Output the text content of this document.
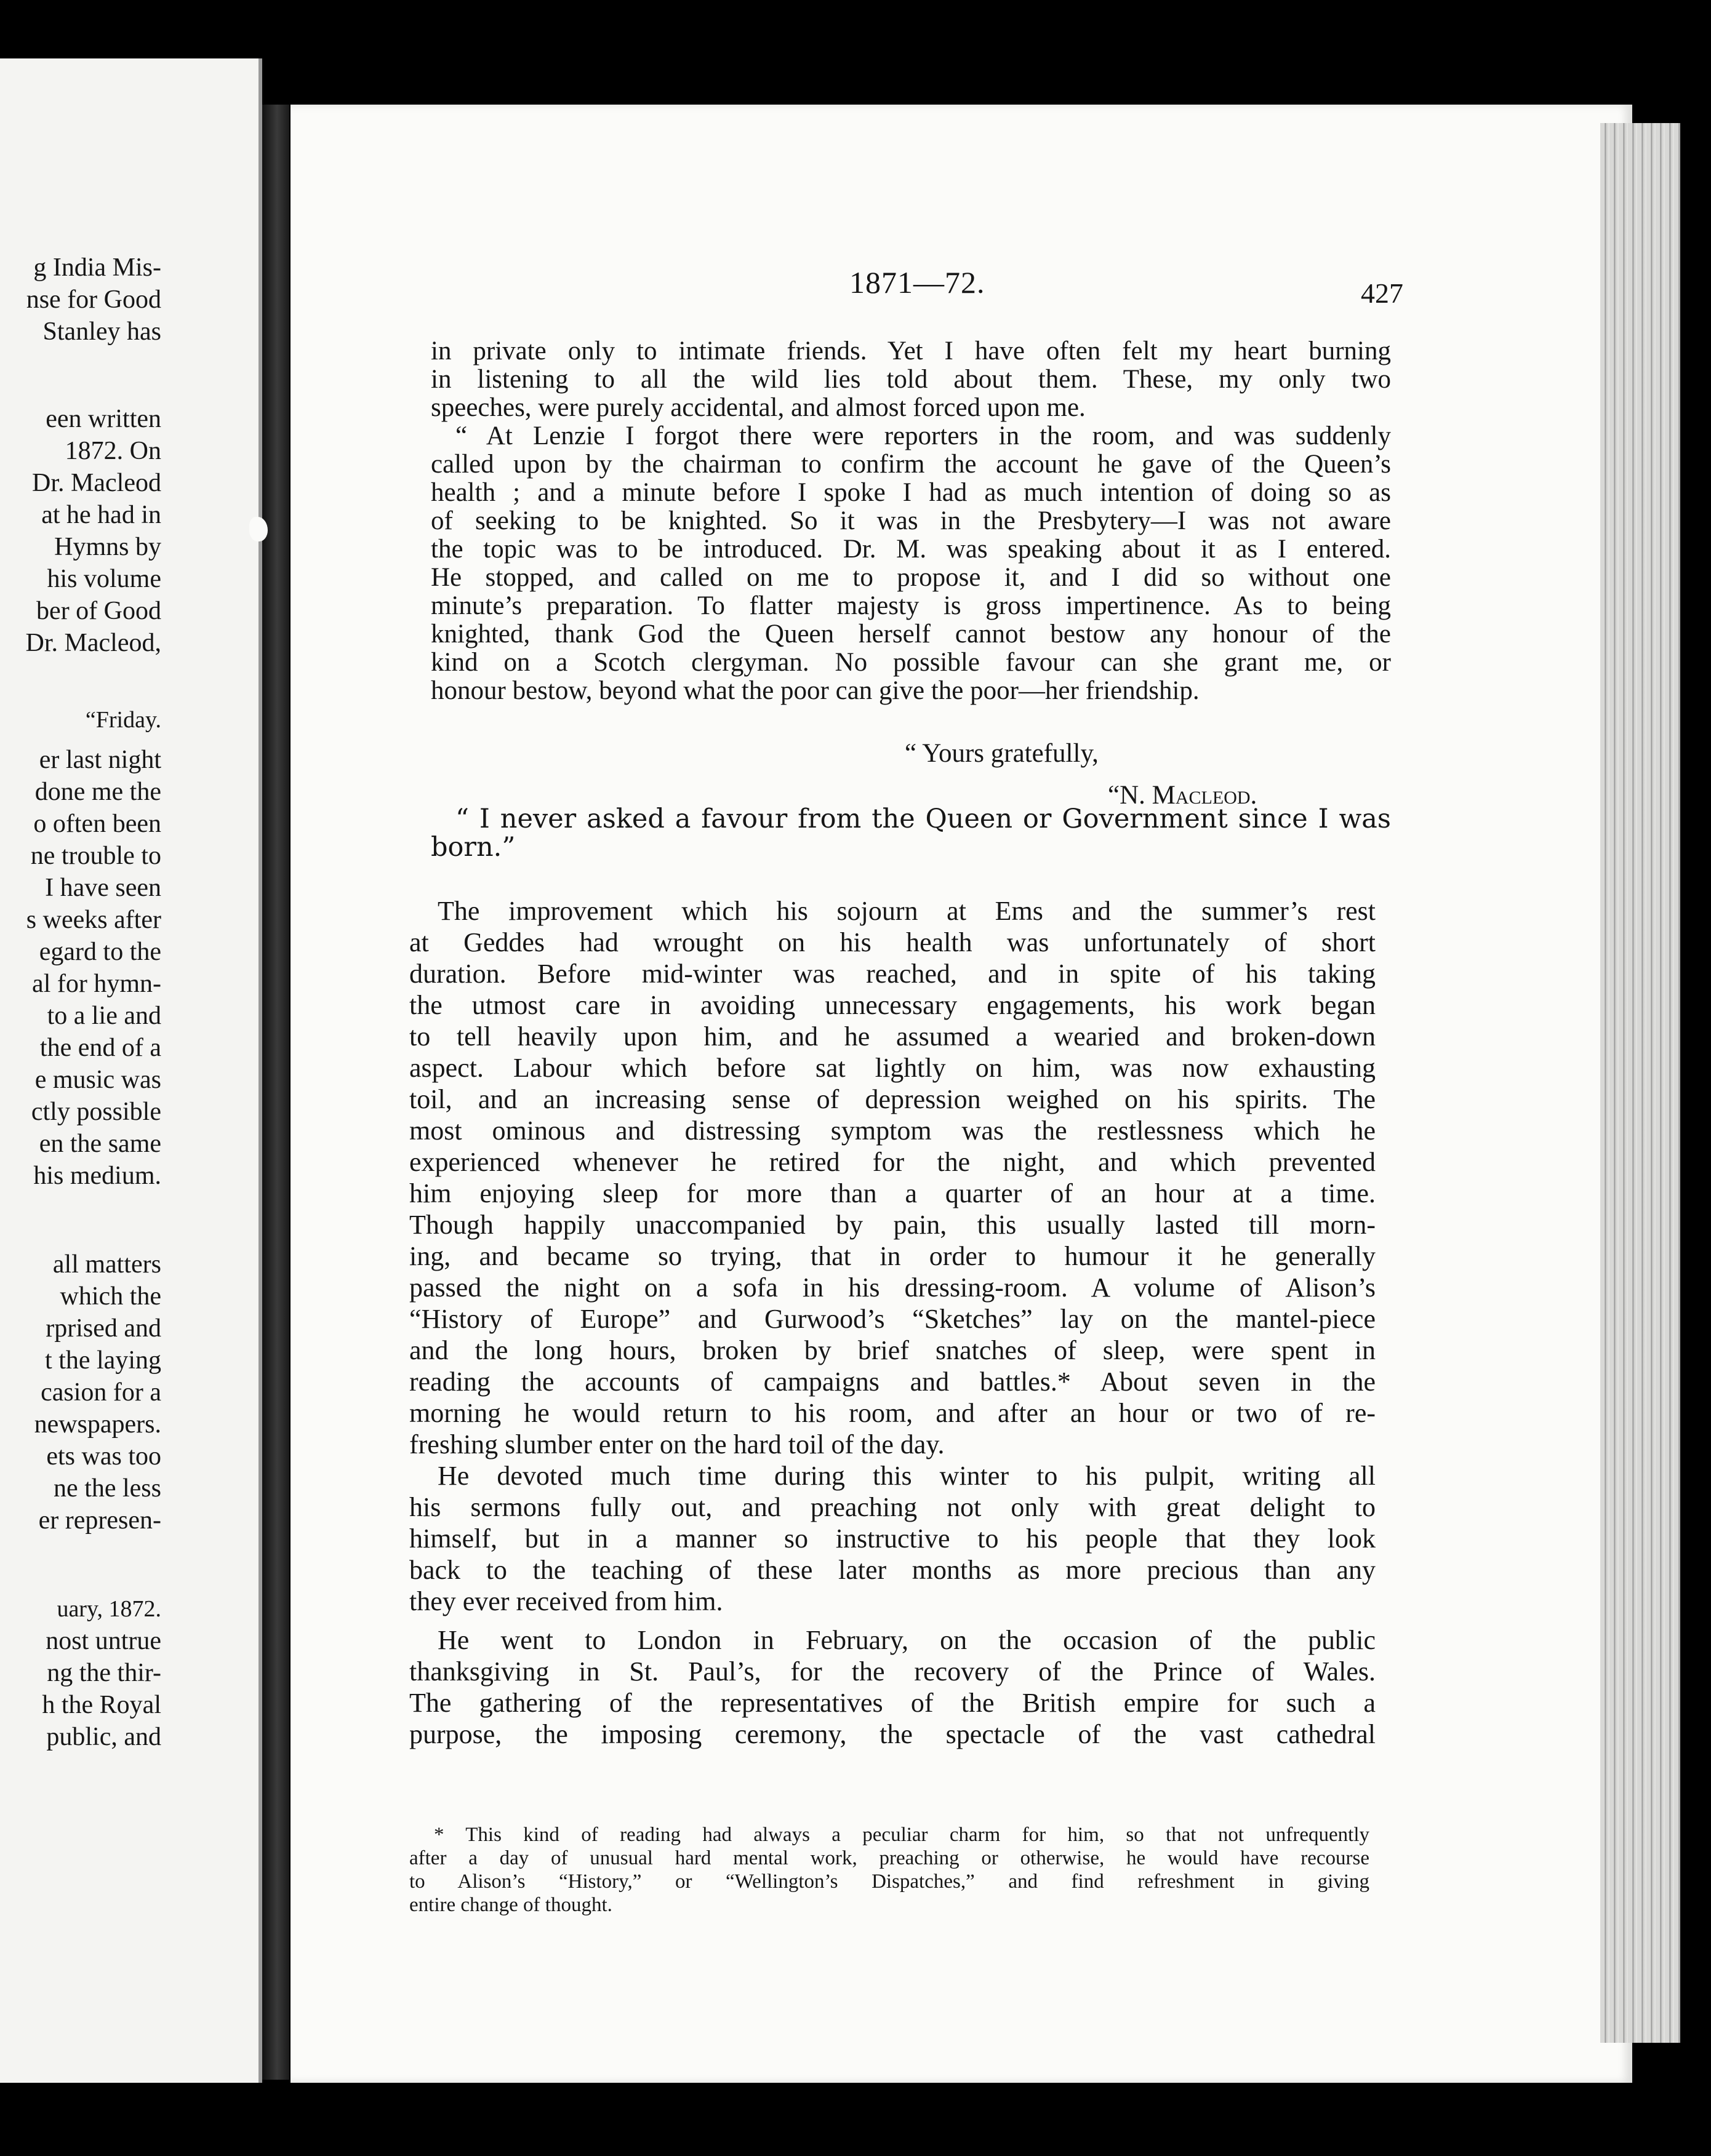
g India Mis-
nse for Good
Stanley has
een written
1872. On
Dr. Macleod
at he had in
Hymns by
his volume
ber of Good
Dr. Macleod,
“Friday.
er last night
done me the
o often been
ne trouble to
I have seen
s weeks after
egard to the
al for hymn-
to a lie and
the end of a
e music was
ctly possible
en the same
his medium.
all matters
which the
rprised and
t the laying
casion for a
newspapers.
ets was too
ne the less
er represen-
uary, 1872.
nost untrue
ng the thir-
h the Royal
public, and
1871—72.	427
in private only to intimate friends. Yet I have often felt my heart burning
in listening to all the wild lies told about them. These, my only two
speeches, were purely accidental, and almost forced upon me.
“ At Lenzie I forgot there were reporters in the room, and was suddenly
called upon by the chairman to confirm the account he gave of the Queen’s
health ; and a minute before I spoke I had as much intention of doing so as
of seeking to be knighted. So it was in the Presbytery—I was not aware
the topic was to be introduced. Dr. M. was speaking about it as I entered.
He stopped, and called on me to propose it, and I did so without one
minute’s preparation. To flatter majesty is gross impertinence. As to being
knighted, thank God the Queen herself cannot bestow any honour of the
kind on a Scotch clergyman. No possible favour can she grant me, or
honour bestow, beyond what the poor can give the poor—her friendship.
“ Yours gratefully,
“N. Macleod.
“ I never asked a favour from the Queen or Government since I was
born.”
The improvement which his sojourn at Ems and the summer’s rest
at Geddes had wrought on his health was unfortunately of short
duration. Before mid-winter was reached, and in spite of his taking
the utmost care in avoiding unnecessary engagements, his work began
to tell heavily upon him, and he assumed a wearied and broken-down
aspect. Labour which before sat lightly on him, was now exhausting
toil, and an increasing sense of depression weighed on his spirits. The
most ominous and distressing symptom was the restlessness which he
experienced whenever he retired for the night, and which prevented
him enjoying sleep for more than a quarter of an hour at a time.
Though happily unaccompanied by pain, this usually lasted till morn-
ing, and became so trying, that in order to humour it he generally
passed the night on a sofa in his dressing-room. A volume of Alison’s
“History of Europe” and Gurwood’s “Sketches” lay on the mantel-piece
and the long hours, broken by brief snatches of sleep, were spent in
reading the accounts of campaigns and battles.* About seven in the
morning he would return to his room, and after an hour or two of re-
freshing slumber enter on the hard toil of the day.
He devoted much time during this winter to his pulpit, writing all
his sermons fully out, and preaching not only with great delight to
himself, but in a manner so instructive to his people that they look
back to the teaching of these later months as more precious than any
they ever received from him.
He went to London in February, on the occasion of the public
thanksgiving in St. Paul’s, for the recovery of the Prince of Wales.
The gathering of the representatives of the British empire for such a
purpose, the imposing ceremony, the spectacle of the vast cathedral
* This kind of reading had always a peculiar charm for him, so that not unfrequently
after a day of unusual hard mental work, preaching or otherwise, he would have recourse
to Alison’s “History,” or “Wellington’s Dispatches,” and find refreshment in giving
entire change of thought.
